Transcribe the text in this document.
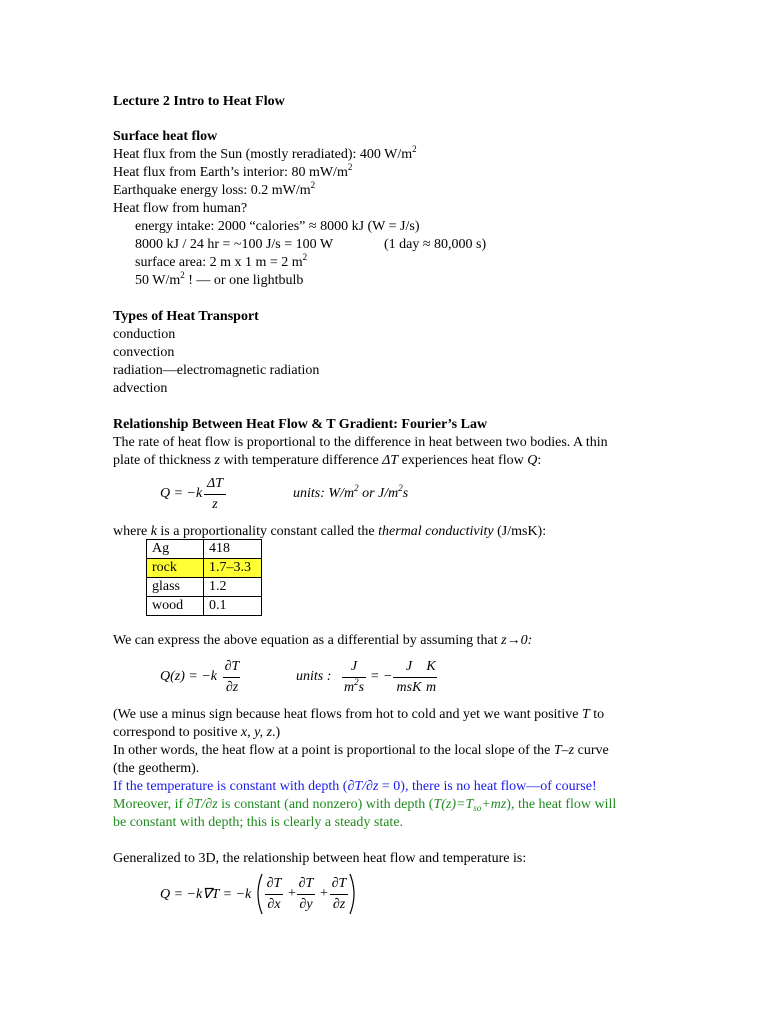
Lecture 2 Intro to Heat Flow
Surface heat flow
Heat flux from the Sun (mostly reradiated): 400 $W/m^2$
Heat flux from Earth’s interior: 80 $mW/m^2$
Earthquake energy loss: 0.2 $mW/m^2$
Heat flow from human?
energy intake: 2000 “calories” ≈ 8000 kJ (W = J/s)
8000 kJ / 24 hr = ~100 J/s = 100 W	(1 day ≈ 80,000 s)
surface area: 2 m x 1 m = 2 $m^2$
50 $W/m^2$ ! — or one lightbulb
Types of Heat Transport
conduction
convection
radiation—electromagnetic radiation
advection
Relationship Between Heat Flow & T Gradient: Fourier’s Law
The rate of heat flow is proportional to the difference in heat between two bodies. A thin
plate of thickness z with temperature difference ΔT experiences heat flow Q:
Q = −k
ΔT
z
units: $W/m^2$ or $J/m^2s$
where k is a proportionality constant called the thermal conductivity (J/msK):
Ag	418
rock	1.7–3.3
glass	1.2
wood	0.1
We can express the above equation as a differential by assuming that z→0:
Q(z) = −k
∂T
∂z
units :
J
$m^2s$
= −
J
msK
K
m
(We use a minus sign because heat flows from hot to cold and yet we want positive T to
correspond to positive x, y, z.)
In other words, the heat flow at a point is proportional to the local slope of the T–z curve
(the geotherm).
If the temperature is constant with depth (∂T/∂z = 0), there is no heat flow—of course!
Moreover, if ∂T/∂z is constant (and nonzero) with depth $(T(z)=T_{so}+mz)$, the heat flow will
be constant with depth; this is clearly a steady state.
Generalized to 3D, the relationship between heat flow and temperature is:
Q = −k∇T = −k
∂T
∂x
+
∂T
∂y
+
∂T
∂z
